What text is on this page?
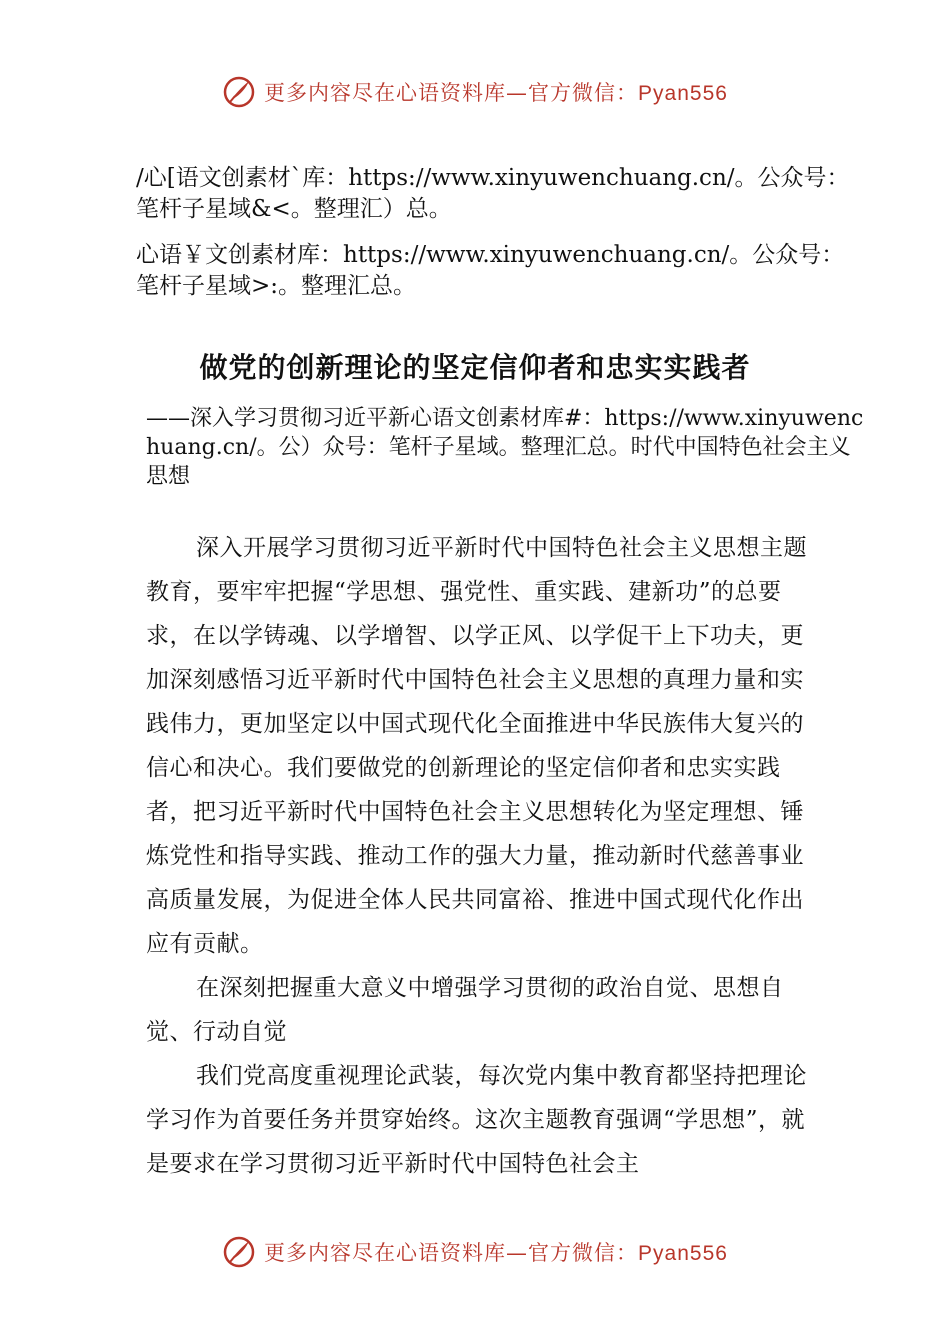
更多内容尽在心语资料库—官方微信：Pyan556

/心[语文创素材`库：https://www.xinyuwenchuang.cn/。公众号：笔杆子星域&<。整理汇）总。

心语￥文创素材库：https://www.xinyuwenchuang.cn/。公众号：笔杆子星域>:。整理汇总。

做党的创新理论的坚定信仰者和忠实实践者

——深入学习贯彻习近平新心语文创素材库#：https://www.xinyuwenchuang.cn/。公）众号：笔杆子星域。整理汇总。时代中国特色社会主义思想

深入开展学习贯彻习近平新时代中国特色社会主义思想主题教育，要牢牢把握“学思想、强党性、重实践、建新功”的总要求，在以学铸魂、以学增智、以学正风、以学促干上下功夫，更加深刻感悟习近平新时代中国特色社会主义思想的真理力量和实践伟力，更加坚定以中国式现代化全面推进中华民族伟大复兴的信心和决心。我们要做党的创新理论的坚定信仰者和忠实实践者，把习近平新时代中国特色社会主义思想转化为坚定理想、锤炼党性和指导实践、推动工作的强大力量，推动新时代慈善事业高质量发展，为促进全体人民共同富裕、推进中国式现代化作出应有贡献。

在深刻把握重大意义中增强学习贯彻的政治自觉、思想自觉、行动自觉

我们党高度重视理论武装，每次党内集中教育都坚持把理论学习作为首要任务并贯穿始终。这次主题教育强调“学思想”，就是要求在学习贯彻习近平新时代中国特色社会主

更多内容尽在心语资料库—官方微信：Pyan556
